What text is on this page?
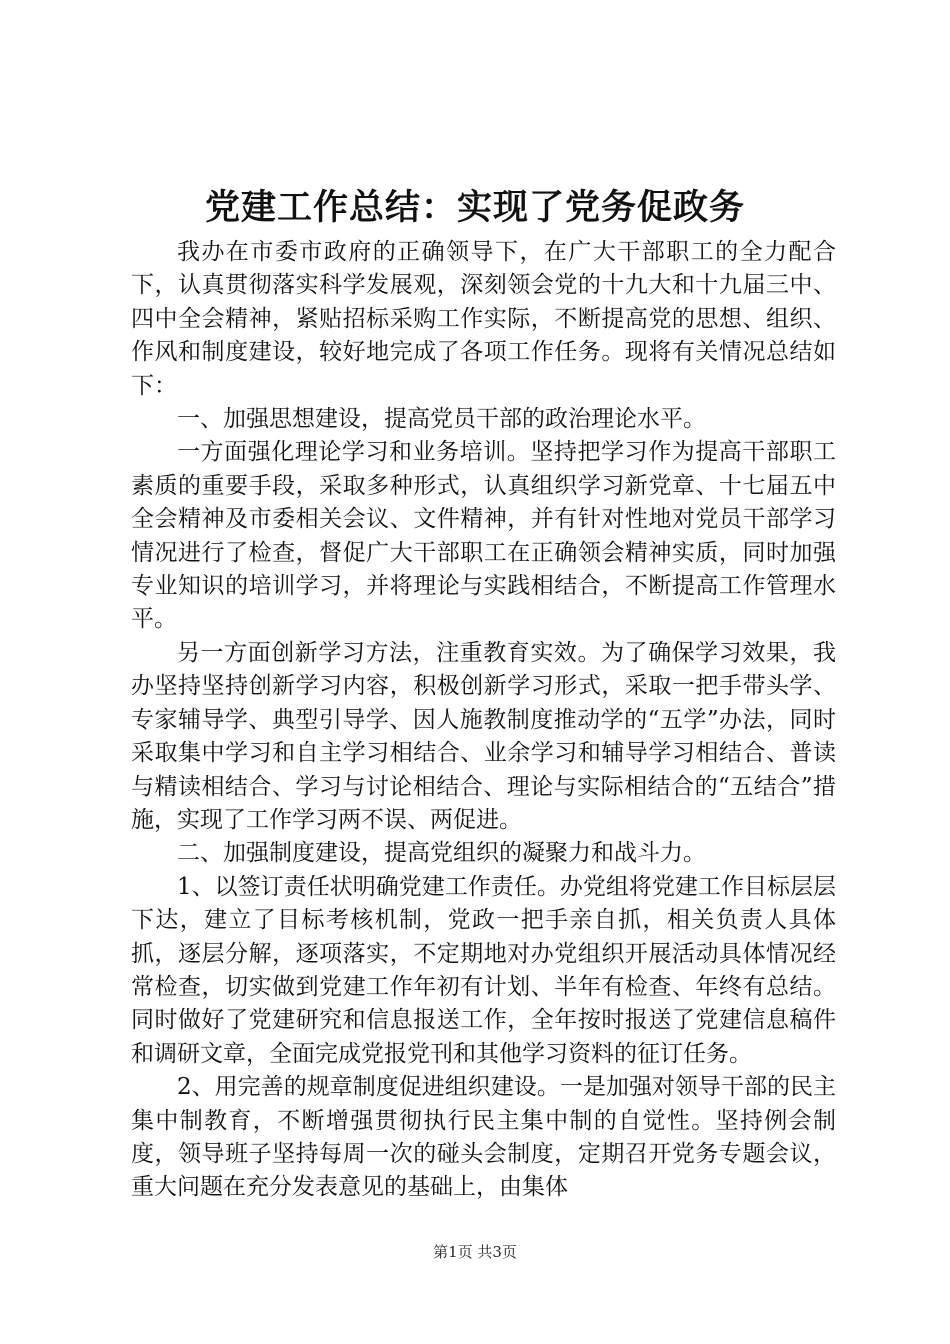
党建工作总结：实现了党务促政务

我办在市委市政府的正确领导下，在广大干部职工的全力配合下，认真贯彻落实科学发展观，深刻领会党的十九大和十九届三中、四中全会精神，紧贴招标采购工作实际，不断提高党的思想、组织、作风和制度建设，较好地完成了各项工作任务。现将有关情况总结如下：

一、加强思想建设，提高党员干部的政治理论水平。

一方面强化理论学习和业务培训。坚持把学习作为提高干部职工素质的重要手段，采取多种形式，认真组织学习新党章、十七届五中全会精神及市委相关会议、文件精神，并有针对性地对党员干部学习情况进行了检查，督促广大干部职工在正确领会精神实质，同时加强专业知识的培训学习，并将理论与实践相结合，不断提高工作管理水平。

另一方面创新学习方法，注重教育实效。为了确保学习效果，我办坚持坚持创新学习内容，积极创新学习形式，采取一把手带头学、专家辅导学、典型引导学、因人施教制度推动学的“五学”办法，同时采取集中学习和自主学习相结合、业余学习和辅导学习相结合、普读与精读相结合、学习与讨论相结合、理论与实际相结合的“五结合”措施，实现了工作学习两不误、两促进。

二、加强制度建设，提高党组织的凝聚力和战斗力。

1、以签订责任状明确党建工作责任。办党组将党建工作目标层层下达，建立了目标考核机制，党政一把手亲自抓，相关负责人具体抓，逐层分解，逐项落实，不定期地对办党组织开展活动具体情况经常检查，切实做到党建工作年初有计划、半年有检查、年终有总结。同时做好了党建研究和信息报送工作，全年按时报送了党建信息稿件和调研文章，全面完成党报党刊和其他学习资料的征订任务。

2、用完善的规章制度促进组织建设。一是加强对领导干部的民主集中制教育，不断增强贯彻执行民主集中制的自觉性。坚持例会制度，领导班子坚持每周一次的碰头会制度，定期召开党务专题会议，重大问题在充分发表意见的基础上，由集体

第1页 共3页
